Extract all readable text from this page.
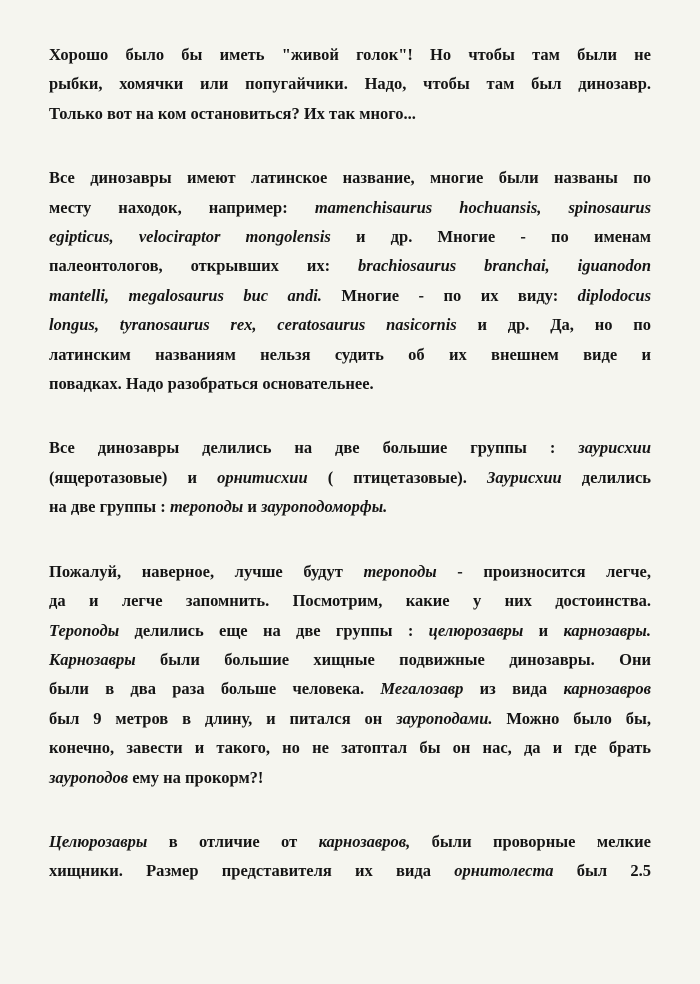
Хорошо было бы иметь "живой голок"! Но чтобы там были не
рыбки, хомячки или попугайчики. Надо, чтобы там был динозавр.
Только вот на ком остановиться? Их так много...

Все динозавры имеют латинское название, многие были названы по
месту находок, например: mamenchisaurus hochuansis, spinosaurus
egipticus, velociraptor mongolensis и др. Многие - по именам
палеонтологов, открывших их: brachiosaurus branchai, iguanodon
mantelli, megalosaurus buc andi. Многие - по их виду: diplodocus
longus, tyranosaurus rex, ceratosaurus nasicornis и др. Да, но по
латинским названиям нельзя судить об их внешнем виде и
повадках. Надо разобраться основательнее.

Все динозавры делились на две большие группы : заурисхии
(ящеротазовые) и орнитисхии ( птицетазовые). Заурисхии делились
на две группы : тероподы и зауроподоморфы.

Пожалуй, наверное, лучше будут тероподы - произносится легче,
да и легче запомнить. Посмотрим, какие у них достоинства.
Тероподы делились еще на две группы : целюрозавры и карнозавры.
Карнозавры были большие хищные подвижные динозавры. Они
были в два раза больше человека. Мегалозавр из вида карнозавров
был 9 метров в длину, и питался он зауроподами. Можно было бы,
конечно, завести и такого, но не затоптал бы он нас, да и где брать
зауроподов ему на прокорм?!

Целюрозавры в отличие от карнозавров, были проворные мелкие
хищники. Размер представителя их вида орнитолеста был 2.5
